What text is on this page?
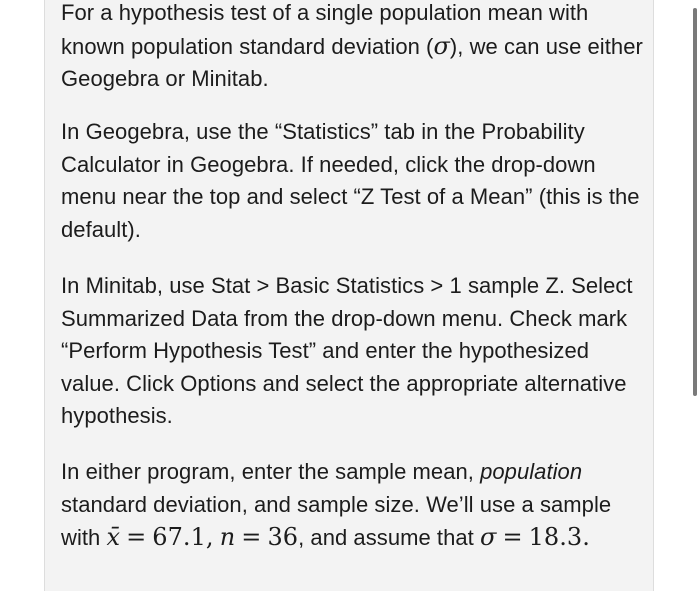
For a hypothesis test of a single population mean with known population standard deviation (σ), we can use either Geogebra or Minitab.

In Geogebra, use the “Statistics” tab in the Probability Calculator in Geogebra. If needed, click the drop-down menu near the top and select “Z Test of a Mean” (this is the default).

In Minitab, use Stat > Basic Statistics > 1 sample Z. Select Summarized Data from the drop-down menu. Check mark “Perform Hypothesis Test” and enter the hypothesized value. Click Options and select the appropriate alternative hypothesis.

In either program, enter the sample mean, population standard deviation, and sample size. We’ll use a sample with x̄ = 67.1, n = 36, and assume that σ = 18.3.
